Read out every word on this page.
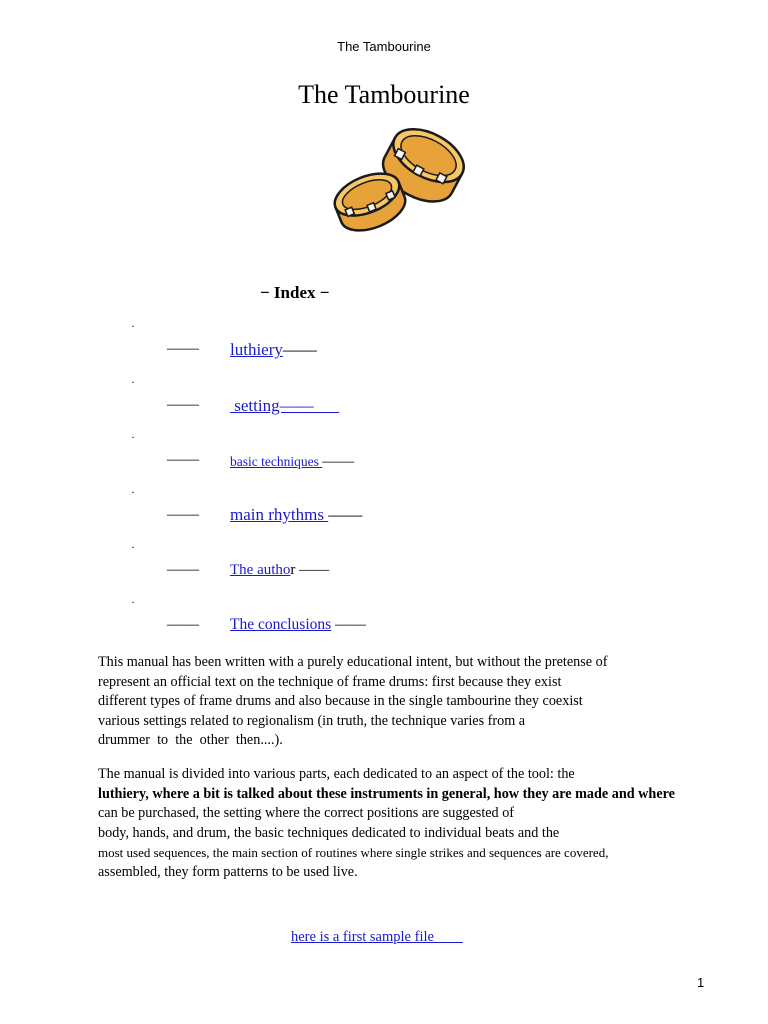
The Tambourine
The Tambourine
− Index −
·
—— luthiery——
·
—— setting——
·
—— basic techniques ——
·
—— main rhythms ——
·
—— The author ——
·
—— The conclusions ——
This manual has been written with a purely educational intent, but without the pretense of
represent an official text on the technique of frame drums: first because they exist
different types of frame drums and also because in the single tambourine they coexist
various settings related to regionalism (in truth, the technique varies from a
drummer  to  the  other  then....).
The manual is divided into various parts, each dedicated to an aspect of the tool: the
luthiery, where a bit is talked about these instruments in general, how they are made and where
can be purchased, the setting where the correct positions are suggested of
body, hands, and drum, the basic techniques dedicated to individual beats and the
most used sequences, the main section of routines where single strikes and sequences are covered,
assembled, they form patterns to be used live.
here is a first sample file
1
